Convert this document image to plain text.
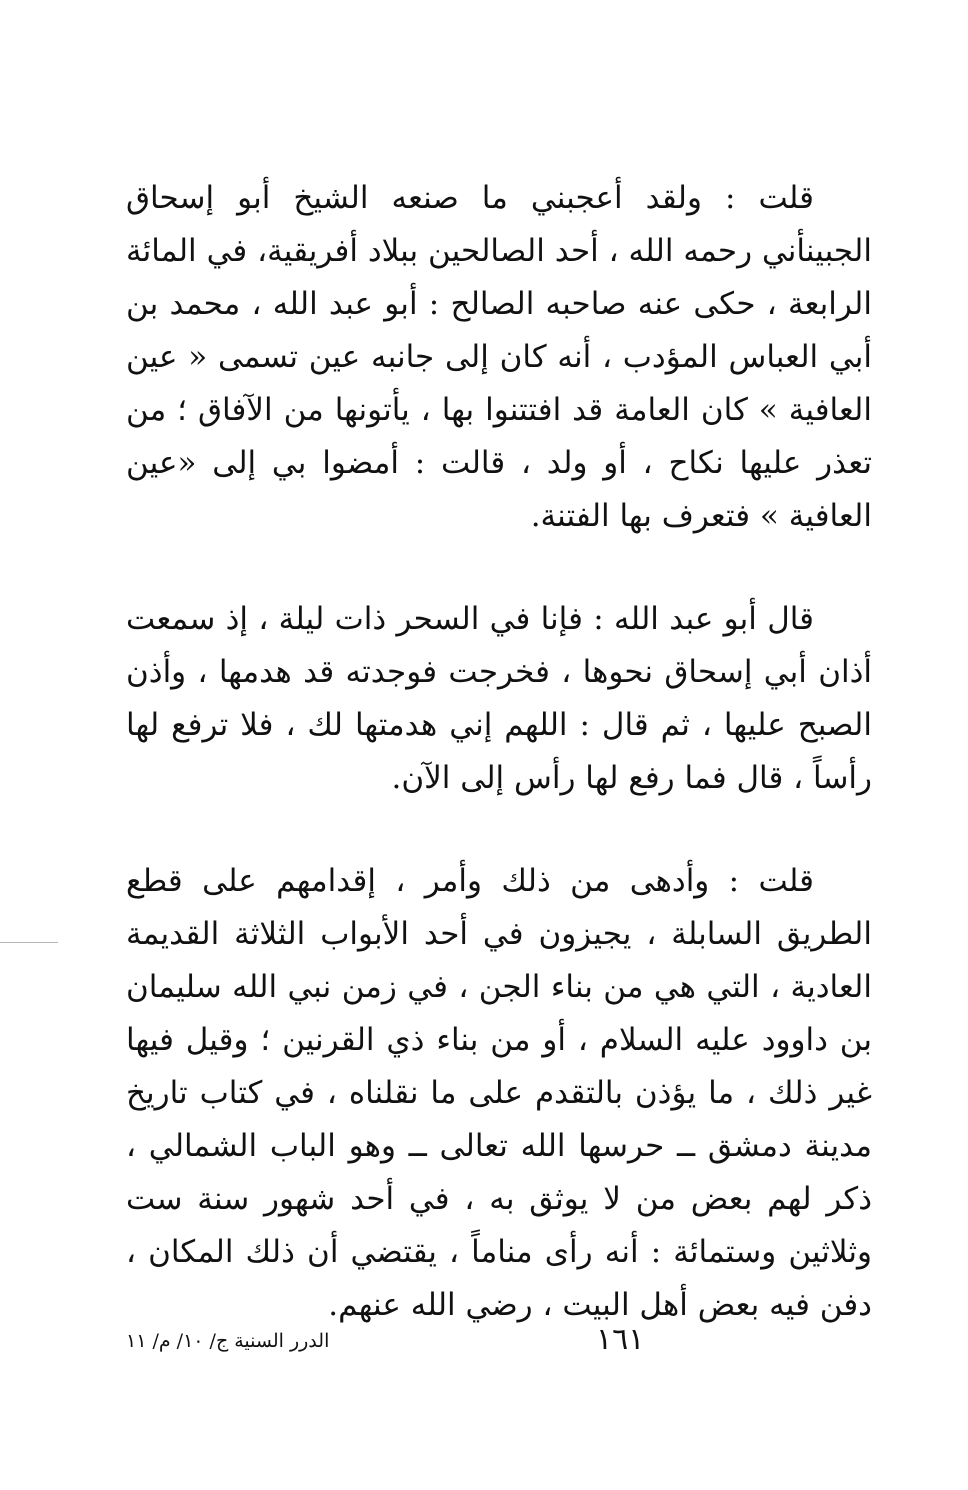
قلت : ولقد أعجبني ما صنعه الشيخ أبو إسحاق الجبينأني رحمه الله ، أحد الصالحين ببلاد أفريقية، في المائة الرابعة ، حكى عنه صاحبه الصالح : أبو عبد الله ، محمد بن أبي العباس المؤدب ، أنه كان إلى جانبه عين تسمى « عين العافية » كان العامة قد افتتنوا بها ، يأتونها من الآفاق ؛ من تعذر عليها نكاح ، أو ولد ، قالت : أمضوا بي إلى «عين العافية » فتعرف بها الفتنة.

قال أبو عبد الله : فإنا في السحر ذات ليلة ، إذ سمعت أذان أبي إسحاق نحوها ، فخرجت فوجدته قد هدمها ، وأذن الصبح عليها ، ثم قال : اللهم إني هدمتها لك ، فلا ترفع لها رأساً ، قال فما رفع لها رأس إلى الآن.

قلت : وأدهى من ذلك وأمر ، إقدامهم على قطع الطريق السابلة ، يجيزون في أحد الأبواب الثلاثة القديمة العادية ، التي هي من بناء الجن ، في زمن نبي الله سليمان بن داوود عليه السلام ، أو من بناء ذي القرنين ؛ وقيل فيها غير ذلك ، ما يؤذن بالتقدم على ما نقلناه ، في كتاب تاريخ مدينة دمشق ــ حرسها الله تعالى ــ وهو الباب الشمالي ، ذكر لهم بعض من لا يوثق به ، في أحد شهور سنة ست وثلاثين وستمائة : أنه رأى مناماً ، يقتضي أن ذلك المكان ، دفن فيه بعض أهل البيت ، رضي الله عنهم.

الدرر السنية ج/ ١٠/ م/ ١١	١٦١
